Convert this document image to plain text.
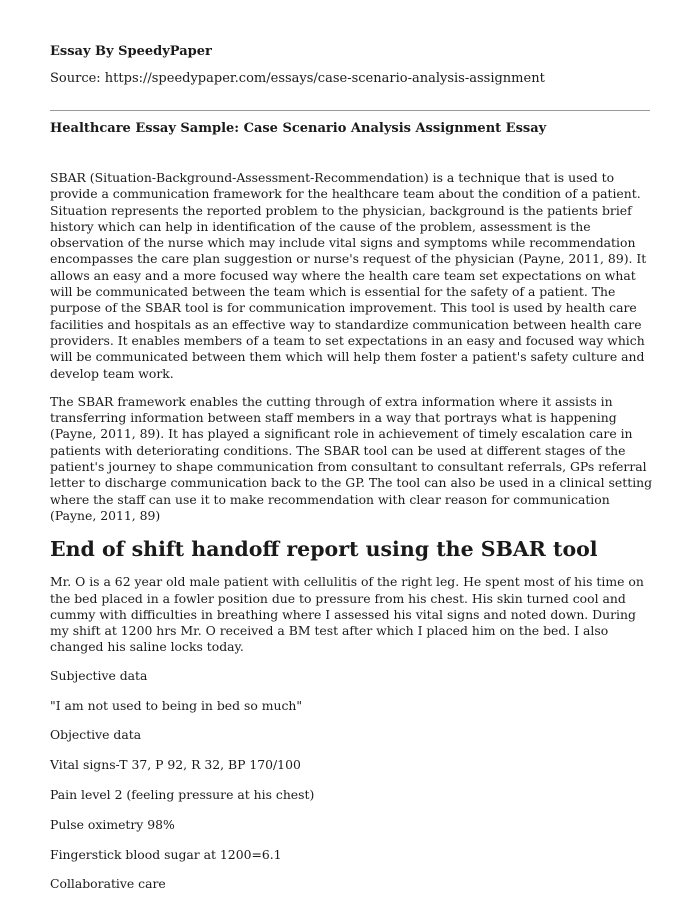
Essay By SpeedyPaper
Source: https://speedypaper.com/essays/case-scenario-analysis-assignment
Healthcare Essay Sample: Case Scenario Analysis Assignment Essay

SBAR (Situation-Background-Assessment-Recommendation) is a technique that is used to provide a communication framework for the healthcare team about the condition of a patient. Situation represents the reported problem to the physician, background is the patients brief history which can help in identification of the cause of the problem, assessment is the observation of the nurse which may include vital signs and symptoms while recommendation encompasses the care plan suggestion or nurse's request of the physician (Payne, 2011, 89). It allows an easy and a more focused way where the health care team set expectations on what will be communicated between the team which is essential for the safety of a patient. The purpose of the SBAR tool is for communication improvement. This tool is used by health care facilities and hospitals as an effective way to standardize communication between health care providers. It enables members of a team to set expectations in an easy and focused way which will be communicated between them which will help them foster a patient's safety culture and develop team work.

The SBAR framework enables the cutting through of extra information where it assists in transferring information between staff members in a way that portrays what is happening (Payne, 2011, 89). It has played a significant role in achievement of timely escalation care in patients with deteriorating conditions. The SBAR tool can be used at different stages of the patient's journey to shape communication from consultant to consultant referrals, GPs referral letter to discharge communication back to the GP. The tool can also be used in a clinical setting where the staff can use it to make recommendation with clear reason for communication (Payne, 2011, 89)

End of shift handoff report using the SBAR tool

Mr. O is a 62 year old male patient with cellulitis of the right leg. He spent most of his time on the bed placed in a fowler position due to pressure from his chest. His skin turned cool and cummy with difficulties in breathing where I assessed his vital signs and noted down. During my shift at 1200 hrs Mr. O received a BM test after which I placed him on the bed. I also changed his saline locks today.

Subjective data

"I am not used to being in bed so much"

Objective data

Vital signs-T 37, P 92, R 32, BP 170/100

Pain level 2 (feeling pressure at his chest)

Pulse oximetry 98%

Fingerstick blood sugar at 1200=6.1

Collaborative care
